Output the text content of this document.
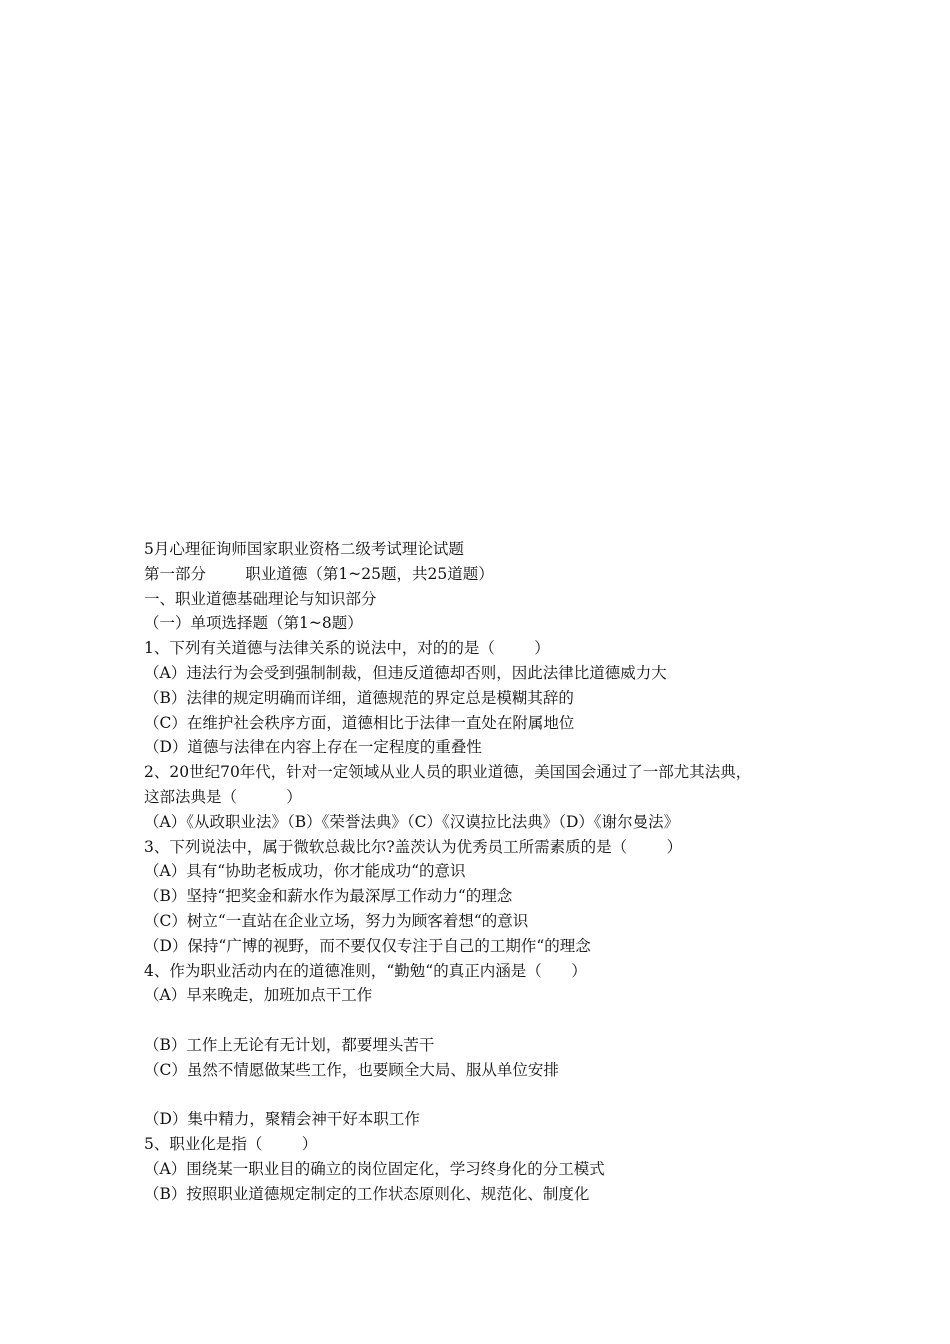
5月心理征询师国家职业资格二级考试理论试题
第一部分        职业道德（第1~25题，共25道题）
一、职业道德基础理论与知识部分
（一）单项选择题（第1~8题）
1、下列有关道德与法律关系的说法中，对的的是（        ）
（A）违法行为会受到强制制裁，但违反道德却否则，因此法律比道德威力大
（B）法律的规定明确而详细，道德规范的界定总是模糊其辞的
（C）在维护社会秩序方面，道德相比于法律一直处在附属地位
（D）道德与法律在内容上存在一定程度的重叠性
2、20世纪70年代，针对一定领域从业人员的职业道德，美国国会通过了一部尤其法典，
这部法典是（          ）
（A）《从政职业法》（B）《荣誉法典》（C）《汉谟拉比法典》（D）《谢尔曼法》
3、下列说法中，属于微软总裁比尔?盖茨认为优秀员工所需素质的是（        ）
（A）具有“协助老板成功，你才能成功“的意识
（B）坚持“把奖金和薪水作为最深厚工作动力“的理念
（C）树立“一直站在企业立场，努力为顾客着想“的意识
（D）保持“广博的视野，而不要仅仅专注于自己的工期作“的理念
4、作为职业活动内在的道德准则，“勤勉“的真正内涵是（      ）
（A）早来晚走，加班加点干工作
（B）工作上无论有无计划，都要埋头苦干
（C）虽然不情愿做某些工作，也要顾全大局、服从单位安排
（D）集中精力，聚精会神干好本职工作
5、职业化是指（        ）
（A）围绕某一职业目的确立的岗位固定化，学习终身化的分工模式
（B）按照职业道德规定制定的工作状态原则化、规范化、制度化
